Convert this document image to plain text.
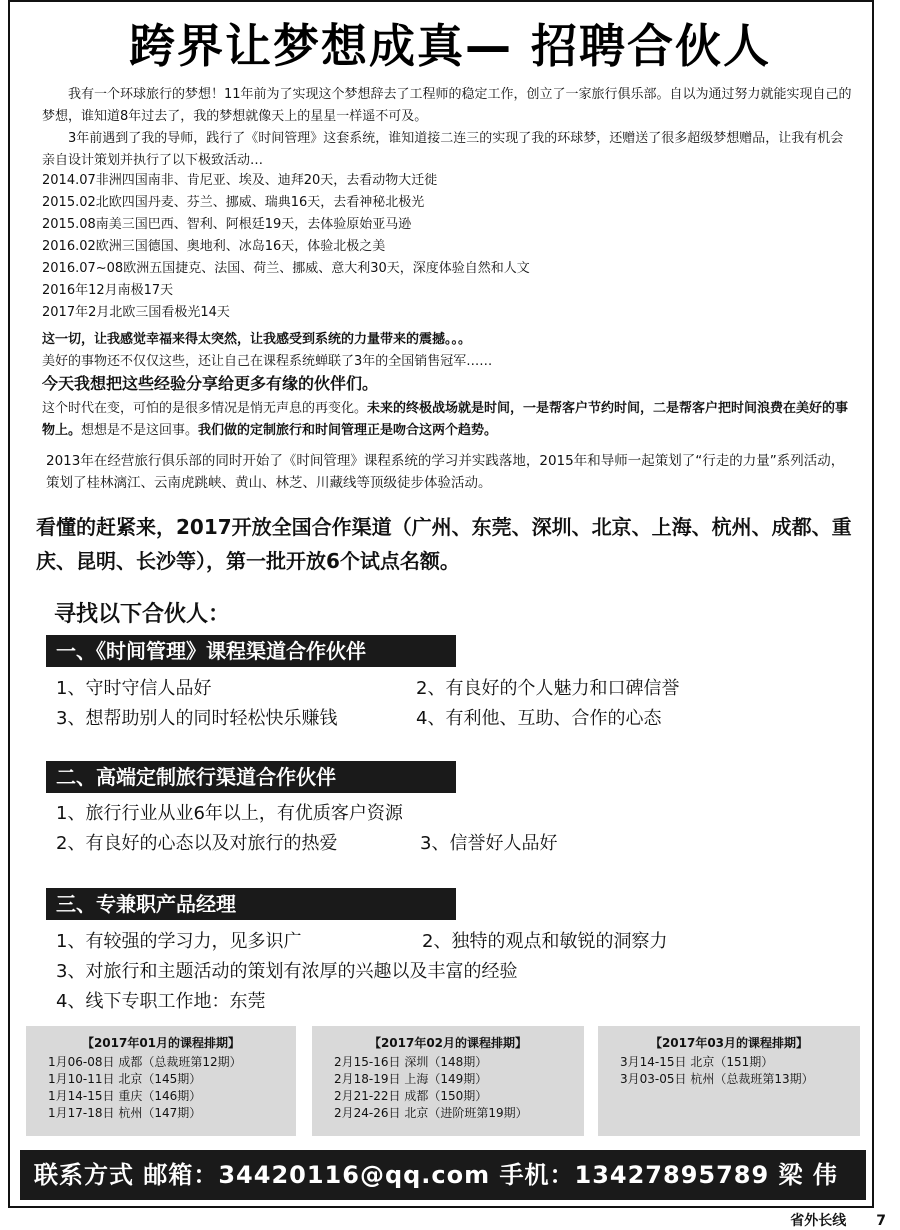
跨界让梦想成真— 招聘合伙人
我有一个环球旅行的梦想！11年前为了实现这个梦想辞去了工程师的稳定工作，创立了一家旅行俱乐部。自以为通过努力就能实现自己的梦想，谁知道8年过去了，我的梦想就像天上的星星一样遥不可及。
3年前遇到了我的导师，践行了《时间管理》这套系统，谁知道接二连三的实现了我的环球梦，还赠送了很多超级梦想赠品，让我有机会亲自设计策划并执行了以下极致活动…
2014.07非洲四国南非、肯尼亚、埃及、迪拜20天，去看动物大迁徙
2015.02北欧四国丹麦、芬兰、挪威、瑞典16天，去看神秘北极光
2015.08南美三国巴西、智利、阿根廷19天，去体验原始亚马逊
2016.02欧洲三国德国、奥地利、冰岛16天，体验北极之美
2016.07~08欧洲五国捷克、法国、荷兰、挪威、意大利30天，深度体验自然和人文
2016年12月南极17天
2017年2月北欧三国看极光14天
这一切，让我感觉幸福来得太突然，让我感受到系统的力量带来的震撼。。。
美好的事物还不仅仅这些，还让自己在课程系统蝉联了3年的全国销售冠军……
今天我想把这些经验分享给更多有缘的伙伴们。
这个时代在变，可怕的是很多情况是悄无声息的再变化。未来的终极战场就是时间，一是帮客户节约时间，二是帮客户把时间浪费在美好的事物上。想想是不是这回事。我们做的定制旅行和时间管理正是吻合这两个趋势。
2013年在经营旅行俱乐部的同时开始了《时间管理》课程系统的学习并实践落地，2015年和导师一起策划了“行走的力量”系列活动，策划了桂林漓江、云南虎跳峡、黄山、林芝、川藏线等顶级徒步体验活动。
看懂的赶紧来，2017开放全国合作渠道（广州、东莞、深圳、北京、上海、杭州、成都、重庆、昆明、长沙等），第一批开放6个试点名额。
寻找以下合伙人：
一、《时间管理》课程渠道合作伙伴
1、守时守信人品好	2、有良好的个人魅力和口碑信誉
3、想帮助别人的同时轻松快乐赚钱	4、有利他、互助、合作的心态
二、高端定制旅行渠道合作伙伴
1、旅行行业从业6年以上，有优质客户资源
2、有良好的心态以及对旅行的热爱	3、信誉好人品好
三、专兼职产品经理
1、有较强的学习力，见多识广	2、独特的观点和敏锐的洞察力
3、对旅行和主题活动的策划有浓厚的兴趣以及丰富的经验
4、线下专职工作地：东莞
【2017年01月的课程排期】
1月06-08日 成都（总裁班第12期）
1月10-11日 北京（145期）
1月14-15日 重庆（146期）
1月17-18日 杭州（147期）
【2017年02月的课程排期】
2月15-16日 深圳（148期）
2月18-19日 上海（149期）
2月21-22日 成都（150期）
2月24-26日 北京（进阶班第19期）
【2017年03月的课程排期】
3月14-15日 北京（151期）
3月03-05日 杭州（总裁班第13期）
联系方式 邮箱：34420116@qq.com 手机：13427895789 梁 伟
省外长线 7
